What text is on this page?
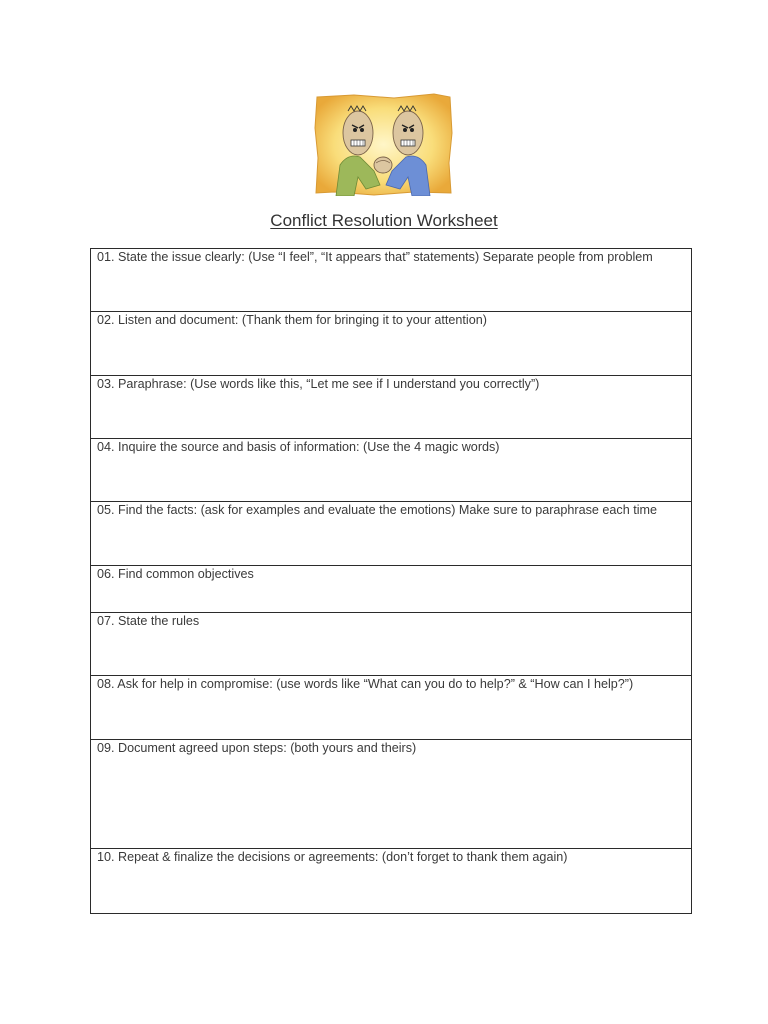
Conflict Resolution Worksheet
01. State the issue clearly: (Use “I feel”, “It appears that” statements) Separate people from problem
02. Listen and document: (Thank them for bringing it to your attention)
03. Paraphrase: (Use words like this, “Let me see if I understand you correctly”)
04. Inquire the source and basis of information: (Use the 4 magic words)
05. Find the facts: (ask for examples and evaluate the emotions) Make sure to paraphrase each time
06. Find common objectives
07. State the rules
08. Ask for help in compromise: (use words like “What can you do to help?” & “How can I help?”)
09. Document agreed upon steps: (both yours and theirs)
10. Repeat & finalize the decisions or agreements: (don’t forget to thank them again)
